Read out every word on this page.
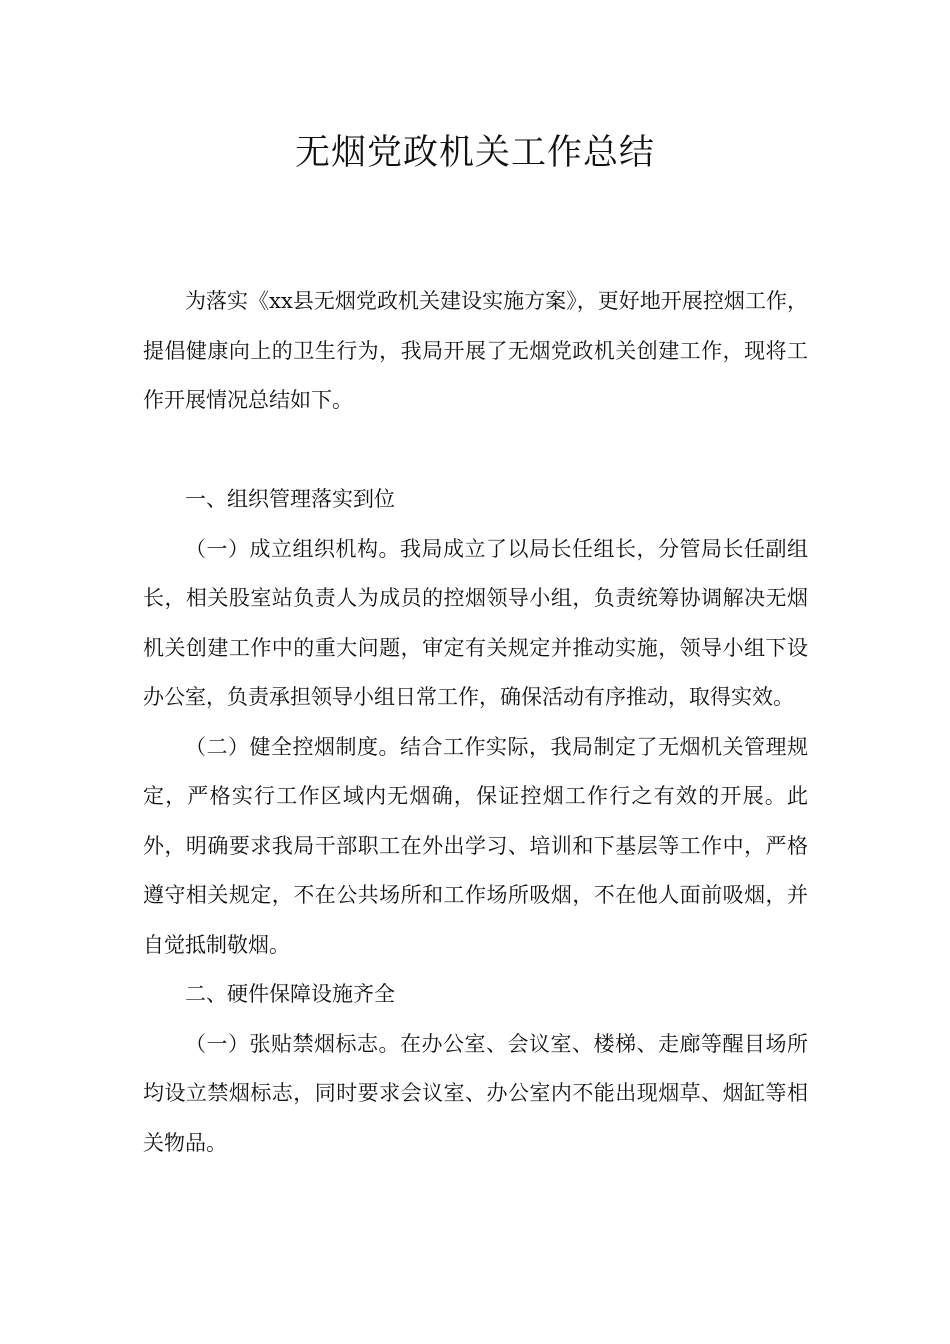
无烟党政机关工作总结

为落实《xx县无烟党政机关建设实施方案》，更好地开展控烟工作，提倡健康向上的卫生行为，我局开展了无烟党政机关创建工作，现将工作开展情况总结如下。

一、组织管理落实到位

（一）成立组织机构。我局成立了以局长任组长，分管局长任副组长，相关股室站负责人为成员的控烟领导小组，负责统筹协调解决无烟机关创建工作中的重大问题，审定有关规定并推动实施，领导小组下设办公室，负责承担领导小组日常工作，确保活动有序推动，取得实效。

（二）健全控烟制度。结合工作实际，我局制定了无烟机关管理规定，严格实行工作区域内无烟确，保证控烟工作行之有效的开展。此外，明确要求我局干部职工在外出学习、培训和下基层等工作中，严格遵守相关规定，不在公共场所和工作场所吸烟，不在他人面前吸烟，并自觉抵制敬烟。

二、硬件保障设施齐全

（一）张贴禁烟标志。在办公室、会议室、楼梯、走廊等醒目场所均设立禁烟标志，同时要求会议室、办公室内不能出现烟草、烟缸等相关物品。
